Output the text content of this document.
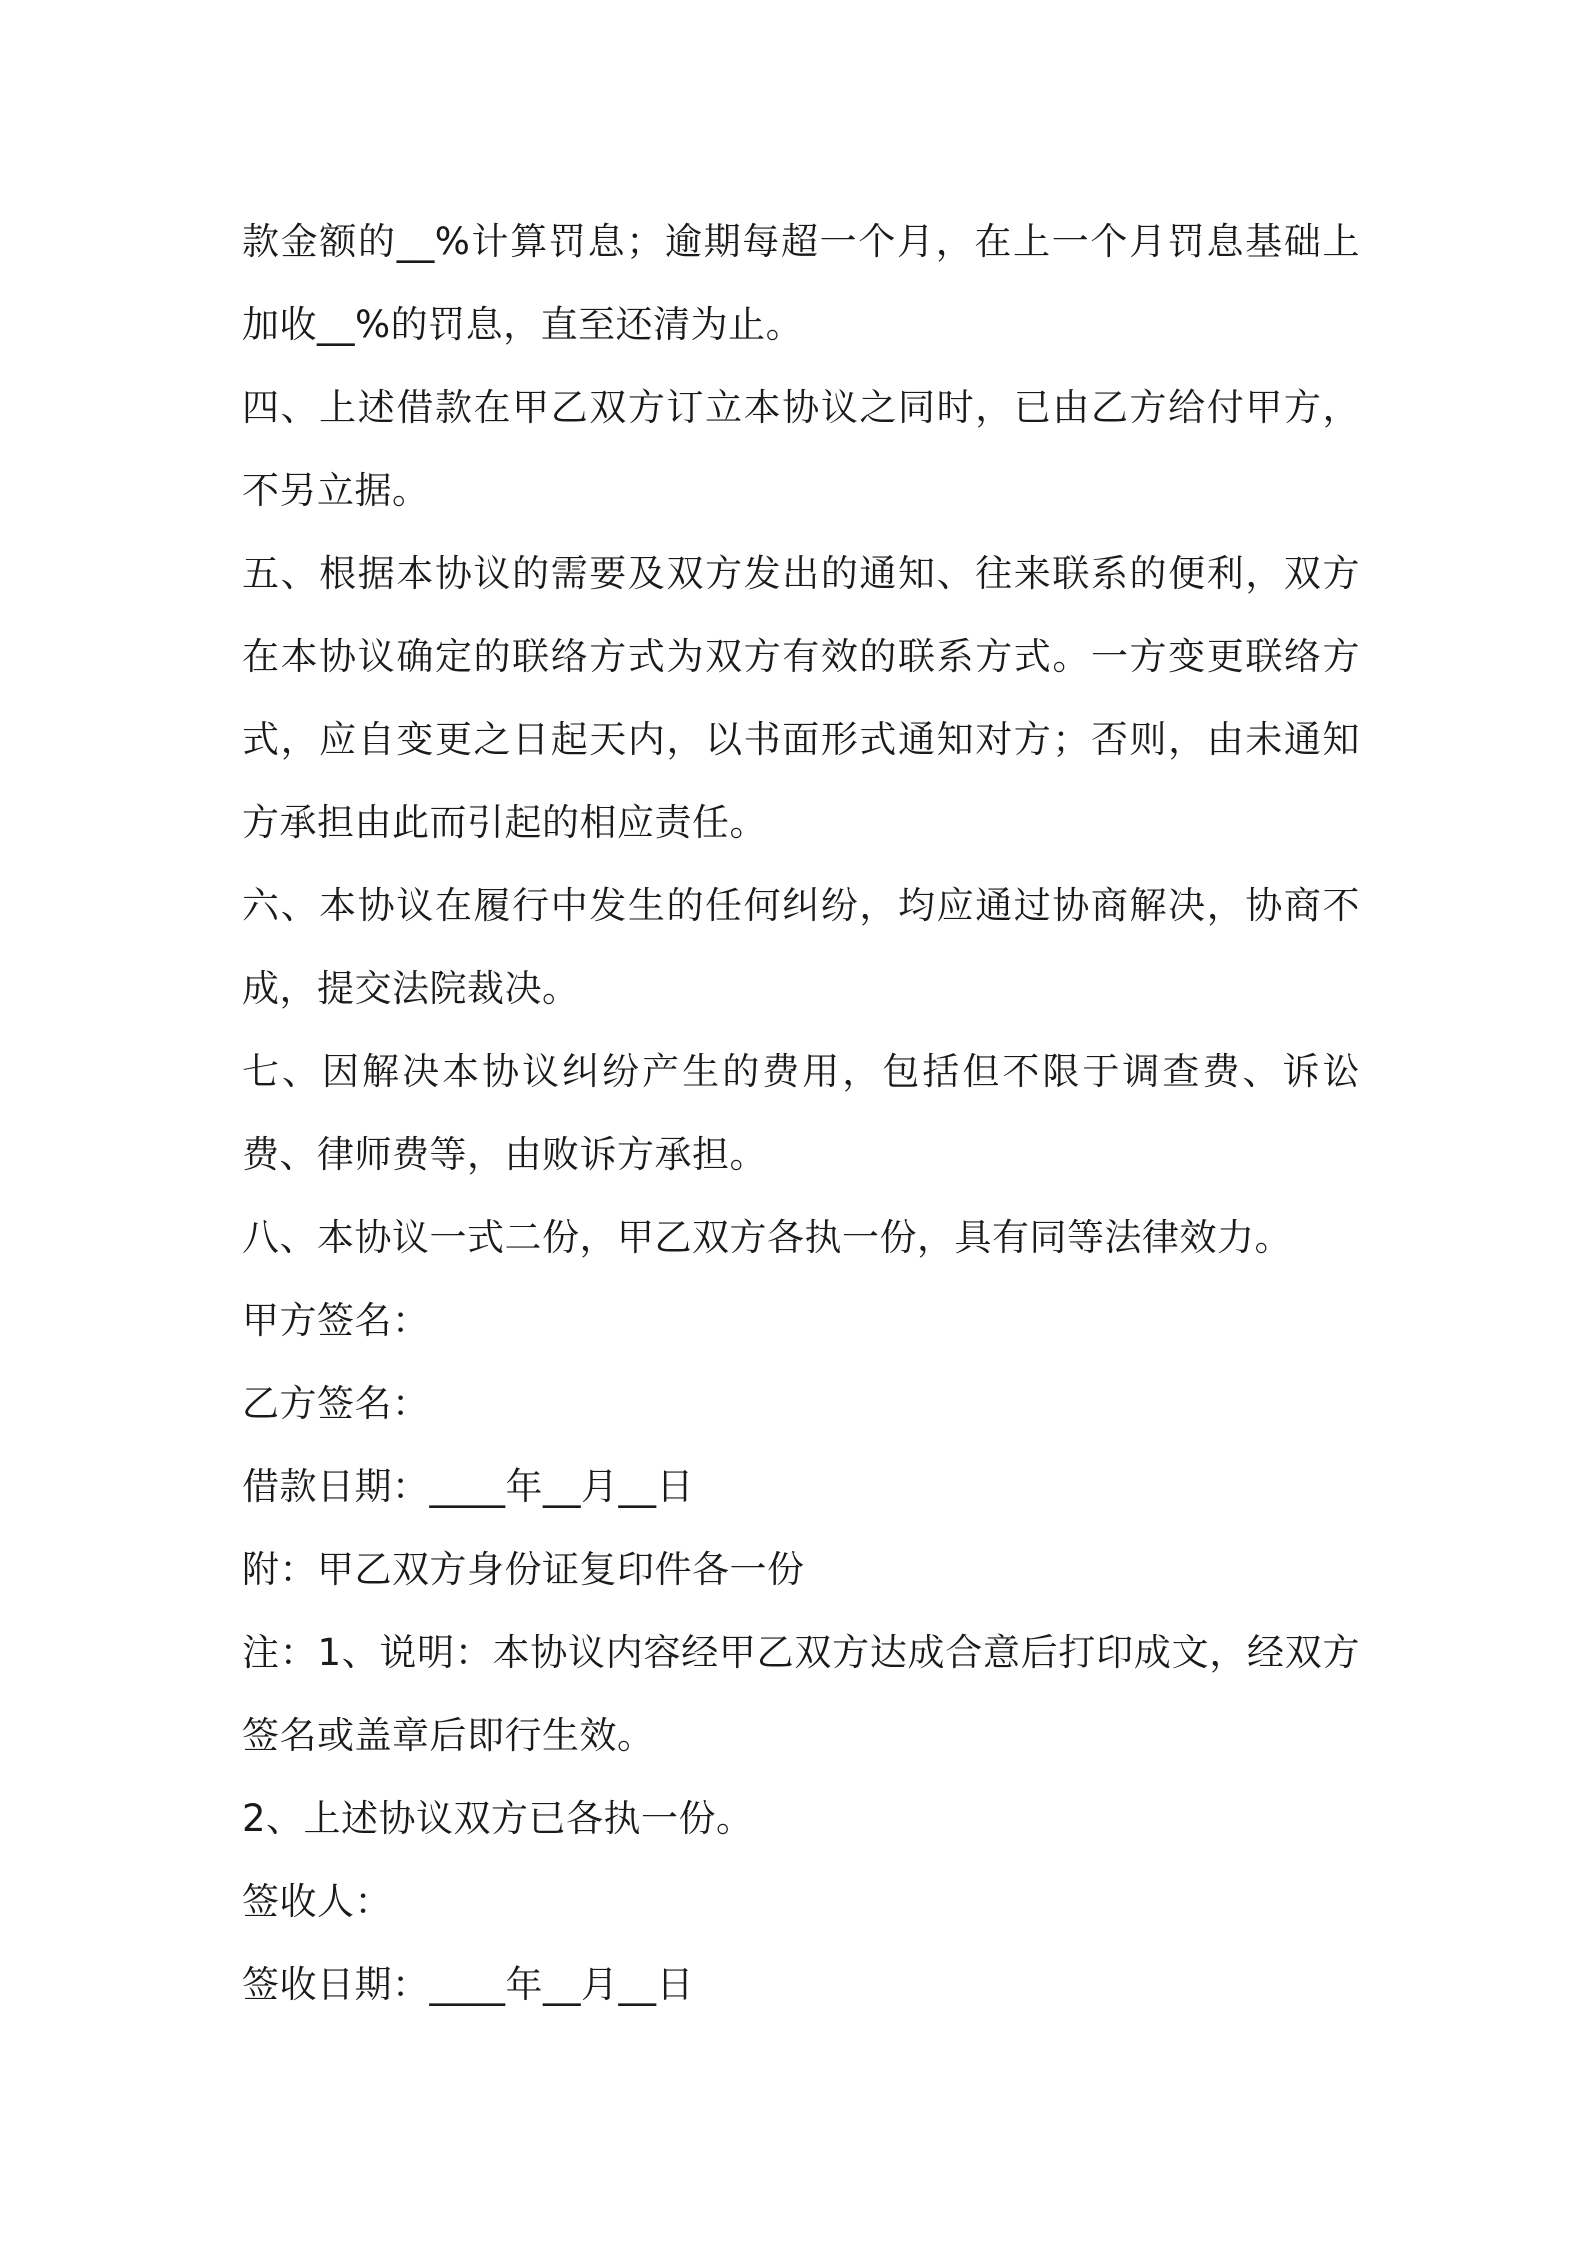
款金额的__%计算罚息；逾期每超一个月，在上一个月罚息基础上加收__%的罚息，直至还清为止。

四、上述借款在甲乙双方订立本协议之同时，已由乙方给付甲方，不另立据。

五、根据本协议的需要及双方发出的通知、往来联系的便利，双方在本协议确定的联络方式为双方有效的联系方式。一方变更联络方式，应自变更之日起天内，以书面形式通知对方；否则，由未通知方承担由此而引起的相应责任。

六、本协议在履行中发生的任何纠纷，均应通过协商解决，协商不成，提交法院裁决。

七、因解决本协议纠纷产生的费用，包括但不限于调查费、诉讼费、律师费等，由败诉方承担。

八、本协议一式二份，甲乙双方各执一份，具有同等法律效力。

甲方签名：

乙方签名：

借款日期：____年__月__日

附：甲乙双方身份证复印件各一份

注：1、说明：本协议内容经甲乙双方达成合意后打印成文，经双方签名或盖章后即行生效。

2、上述协议双方已各执一份。

签收人：

签收日期：____年__月__日
